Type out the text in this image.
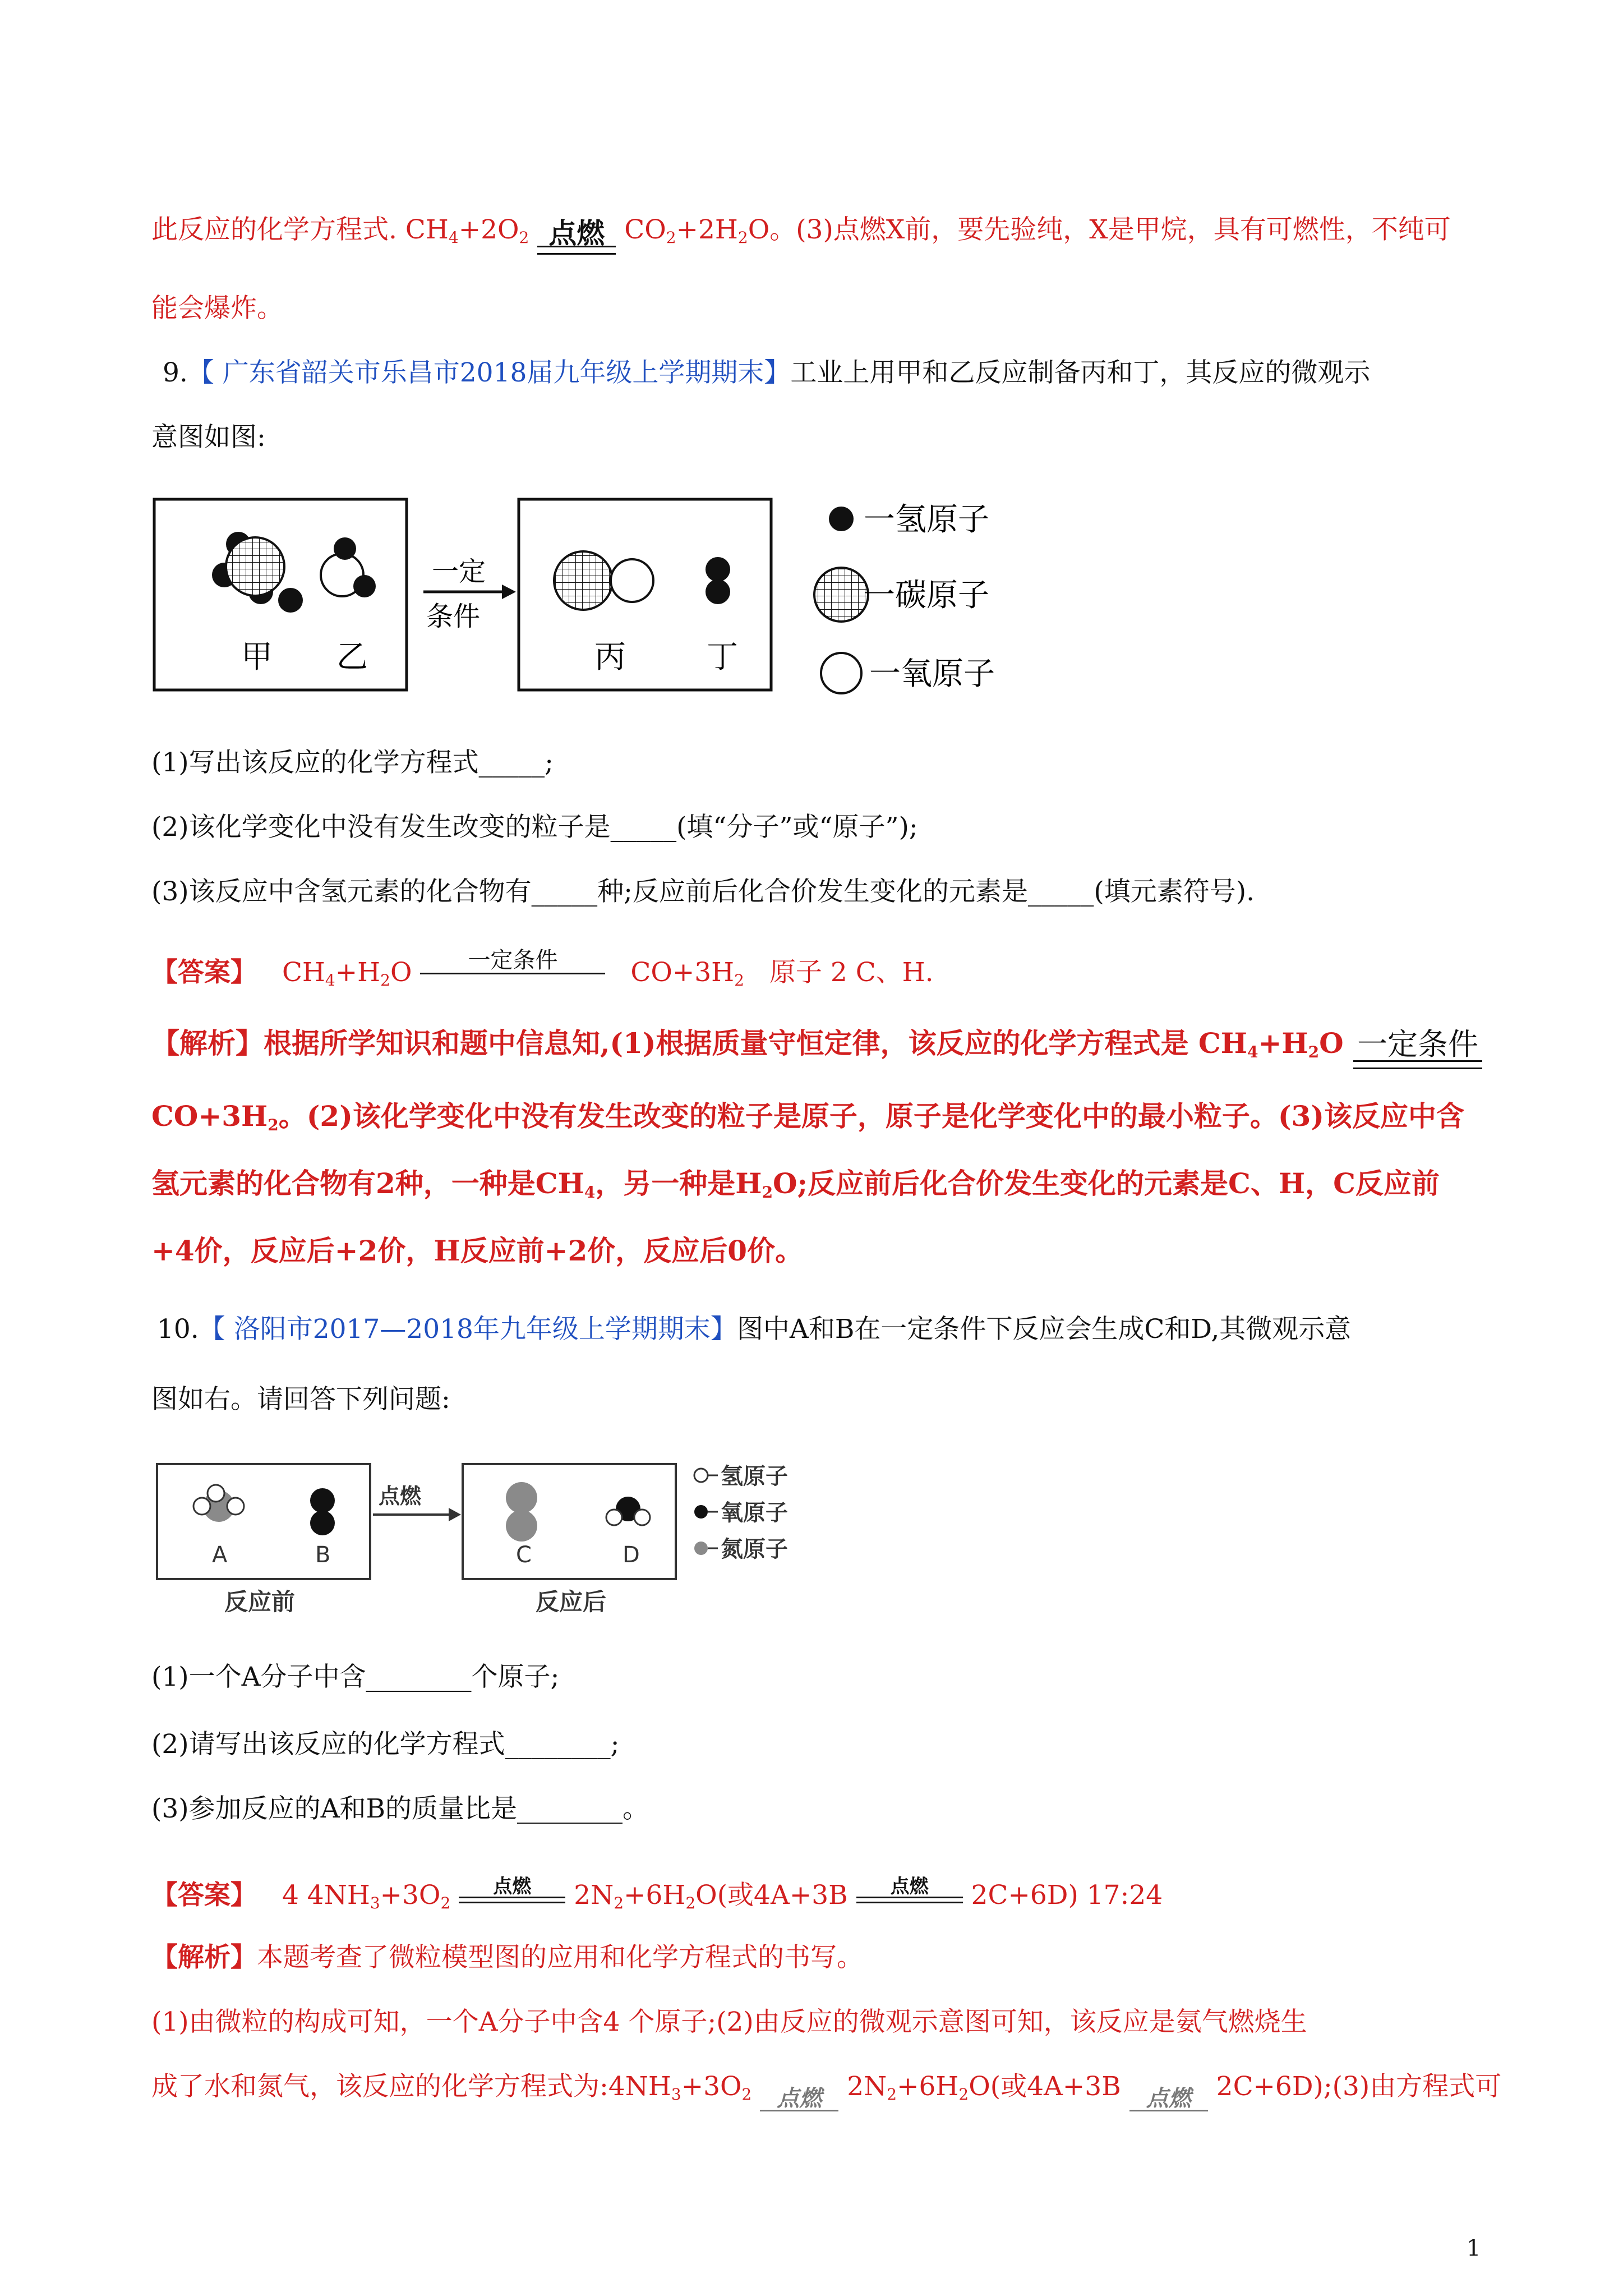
此反应的化学方程式. $CH_4+2O_2$ 点燃 $CO_2+2H_2O$。(3)点燃X前，要先验纯，X是甲烷，具有可燃性，不纯可
能会爆炸。
9.【 广东省韶关市乐昌市2018届九年级上学期期末】工业上用甲和乙反应制备丙和丁，其反应的微观示
意图如图:
甲 乙
一定
条件
丙	丁
一氢原子
一碳原子
一氧原子
(1)写出该反应的化学方程式_____;
(2)该化学变化中没有发生改变的粒子是_____(填“分子”或“原子”);
(3)该反应中含氢元素的化合物有_____种;反应前后化合价发生变化的元素是_____(填元素符号).
【答案】 $CH_4+H_2O$	一定条件	$CO+3H_2$ 原子 2 C、H.
【解析】根据所学知识和题中信息知,(1)根据质量守恒定律，该反应的化学方程式是 $CH_4+H_2O$ 一定条件
$CO+3H_2$。(2)该化学变化中没有发生改变的粒子是原子，原子是化学变化中的最小粒子。(3)该反应中含
氢元素的化合物有2种，一种是$CH_4$，另一种是$H_2O$;反应前后化合价发生变化的元素是C、H，C反应前
+4价，反应后+2价，H反应前+2价，反应后0价。
10.【 洛阳市2017—2018年九年级上学期期末】图中A和B在一定条件下反应会生成C和D,其微观示意
图如右。请回答下列问题:
A	B
反应前
点燃
C	D
反应后
氢原子
氧原子
氮原子
(1)一个A分子中含________个原子;
(2)请写出该反应的化学方程式________;
(3)参加反应的A和B的质量比是________。
【答案】 4 $4NH_3+3O_2$
点燃	$2N_2+6H_2O$(或4A+3B	点燃	2C+6D) 17:24
【解析】本题考查了微粒模型图的应用和化学方程式的书写。
(1)由微粒的构成可知，一个A分子中含4 个原子;(2)由反应的微观示意图可知，该反应是氨气燃烧生
成了水和氮气，该反应的化学方程式为$:4NH_3+3O_2$	点燃 $2N_2+6H_2O$(或4A+3B	点燃 2C+6D);(3)由方程式可
1
